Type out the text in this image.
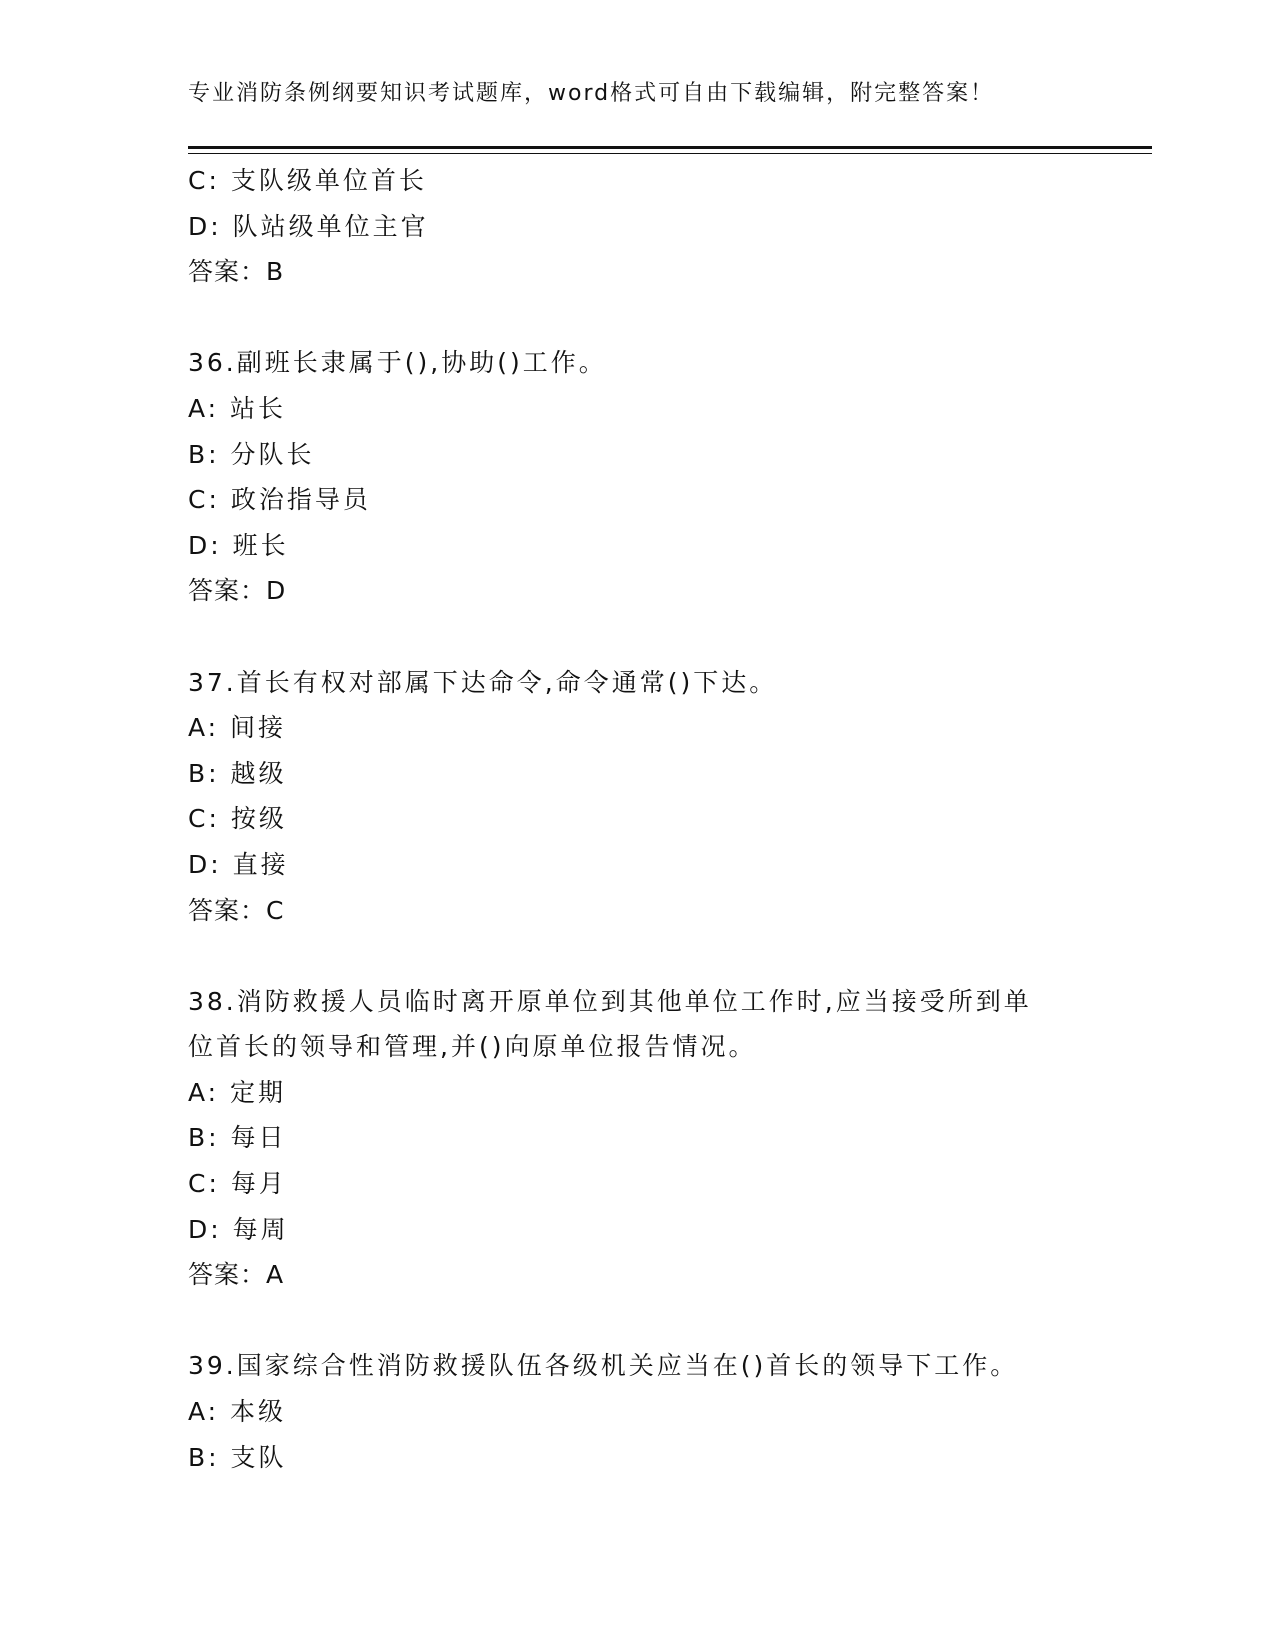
专业消防条例纲要知识考试题库，word格式可自由下载编辑，附完整答案！
C: 支队级单位首长
D: 队站级单位主官
答案：B
36.副班长隶属于(),协助()工作。
A: 站长
B: 分队长
C: 政治指导员
D: 班长
答案：D
37.首长有权对部属下达命令,命令通常()下达。
A: 间接
B: 越级
C: 按级
D: 直接
答案：C
38.消防救援人员临时离开原单位到其他单位工作时,应当接受所到单
位首长的领导和管理,并()向原单位报告情况。
A: 定期
B: 每日
C: 每月
D: 每周
答案：A
39.国家综合性消防救援队伍各级机关应当在()首长的领导下工作。
A: 本级
B: 支队
